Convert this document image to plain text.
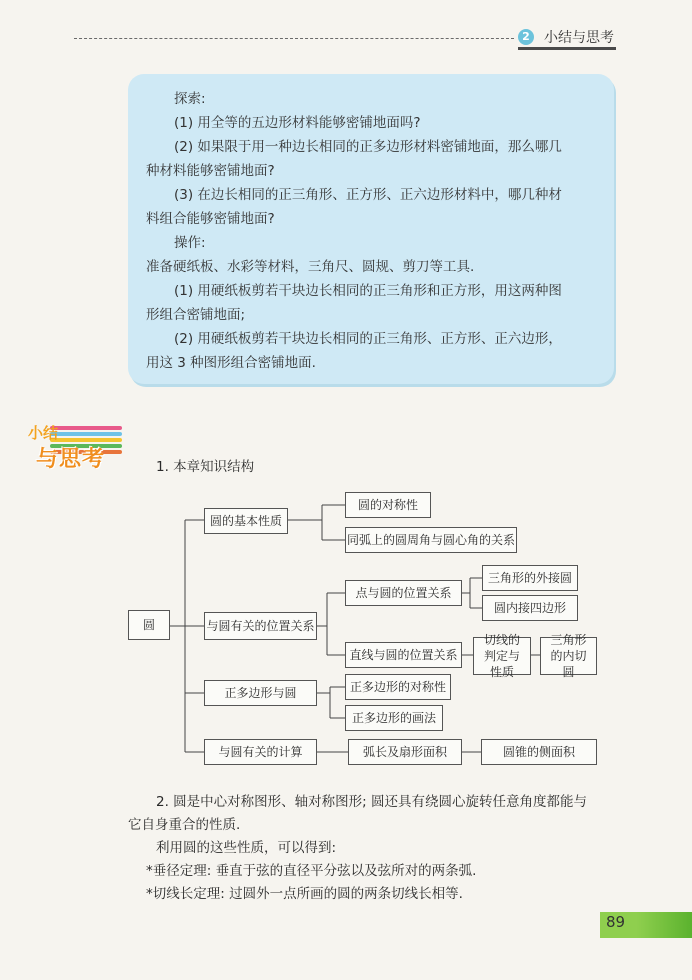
2 小结与思考

探索:

(1) 用全等的五边形材料能够密铺地面吗?

(2) 如果限于用一种边长相同的正多边形材料密铺地面，那么哪几

种材料能够密铺地面?

(3) 在边长相同的正三角形、正方形、正六边形材料中，哪几种材

料组合能够密铺地面?

操作:

准备硬纸板、水彩等材料，三角尺、圆规、剪刀等工具.

(1) 用硬纸板剪若干块边长相同的正三角形和正方形，用这两种图

形组合密铺地面;

(2) 用硬纸板剪若干块边长相同的正三角形、正方形、正六边形，

用这 3 种图形组合密铺地面.

小结
与思考	1. 本章知识结构
圆
圆的基本性质
圆的对称性
同弧上的圆周角与圆心角的关系
与圆有关的位置关系
点与圆的位置关系
三角形的外接圆
圆内接四边形
直线与圆的位置关系
切线的判定与性质
三角形的内切圆
正多边形与圆	正多边形的对称性
正多边形的画法
与圆有关的计算	弧长及扇形面积	圆锥的侧面积

2. 圆是中心对称图形、轴对称图形; 圆还具有绕圆心旋转任意角度都能与

它自身重合的性质.

利用圆的这些性质，可以得到:

*垂径定理: 垂直于弦的直径平分弦以及弦所对的两条弧.

*切线长定理: 过圆外一点所画的圆的两条切线长相等.

89
